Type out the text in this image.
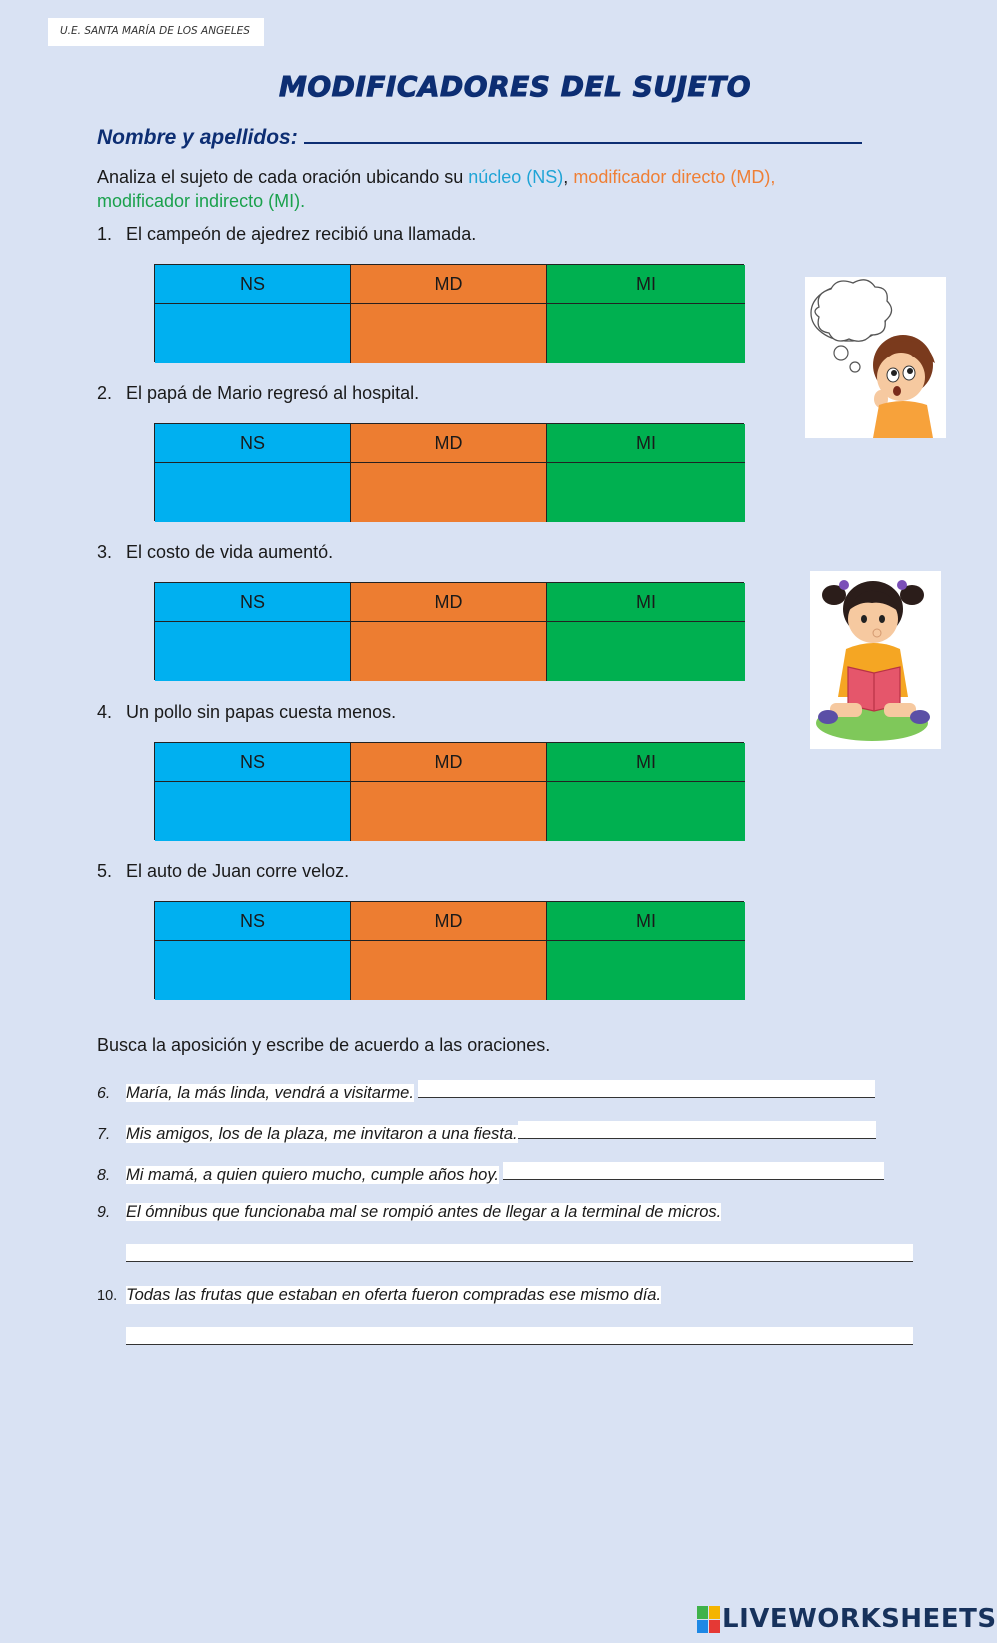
U.E. SANTA MARÍA DE LOS ANGELES
MODIFICADORES DEL SUJETO
Nombre y apellidos:
Analiza el sujeto de cada oración ubicando su núcleo (NS), modificador directo (MD),
modificador indirecto (MI).
1. El campeón de ajedrez recibió una llamada.
NS	MD	MI
2. El papá de Mario regresó al hospital.
NS	MD	MI
3. El costo de vida aumentó.
NS	MD	MI
4. Un pollo sin papas cuesta menos.
NS	MD	MI
5. El auto de Juan corre veloz.
NS	MD	MI
Busca la aposición y escribe de acuerdo a las oraciones.
6. María, la más linda, vendrá a visitarme.
7. Mis amigos, los de la plaza, me invitaron a una fiesta.
8. Mi mamá, a quien quiero mucho, cumple años hoy.
9. El ómnibus que funcionaba mal se rompió antes de llegar a la terminal de micros.
10. Todas las frutas que estaban en oferta fueron compradas ese mismo día.
LIVEWORKSHEETS
